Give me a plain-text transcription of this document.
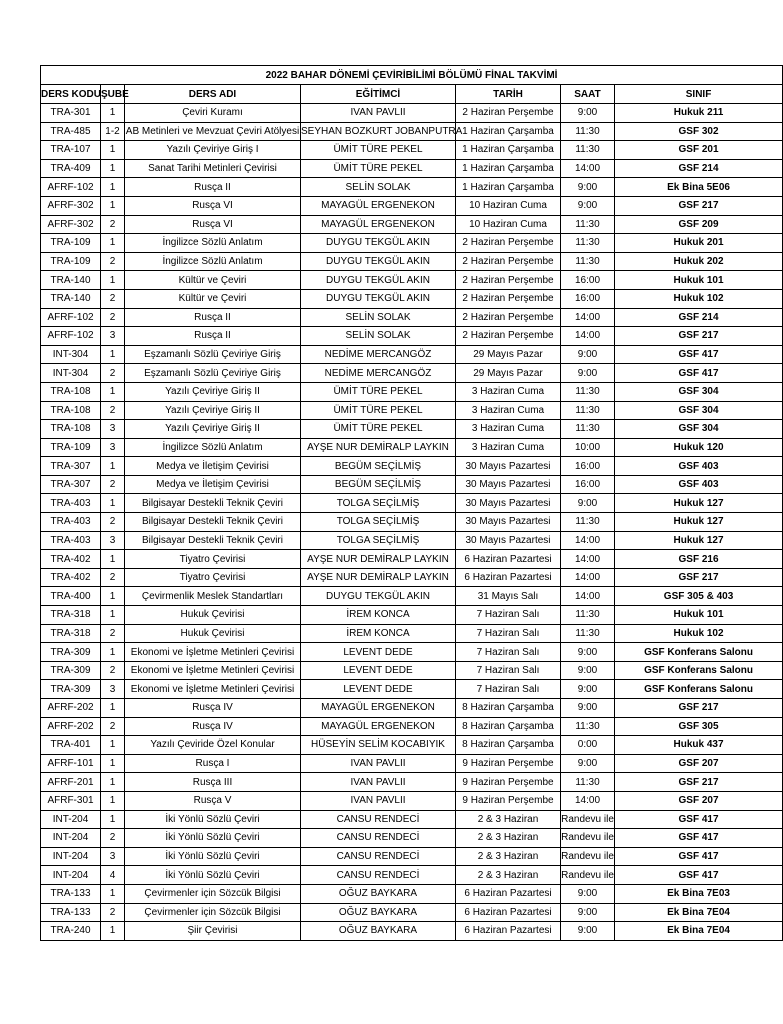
2022 BAHAR DÖNEMİ ÇEVİRİBİLİMİ BÖLÜMÜ FİNAL TAKVİMİ						
DERS KODU	ŞUBE	DERS ADI	EĞİTİMCİ	TARİH	SAAT	SINIF
TRA-301	1	Çeviri Kuramı	IVAN PAVLII	2 Haziran Perşembe	9:00	Hukuk 211
TRA-485	1-2	AB Metinleri ve Mevzuat Çeviri Atölyesi	SEYHAN BOZKURT JOBANPUTRA	1 Haziran Çarşamba	11:30	GSF 302
TRA-107	1	Yazılı Çeviriye Giriş I	ÜMİT TÜRE PEKEL	1 Haziran Çarşamba	11:30	GSF 201
TRA-409	1	Sanat Tarihi Metinleri Çevirisi	ÜMİT TÜRE PEKEL	1 Haziran Çarşamba	14:00	GSF 214
AFRF-102	1	Rusça II	SELİN SOLAK	1 Haziran Çarşamba	9:00	Ek Bina 5E06
AFRF-302	1	Rusça VI	MAYAGÜL ERGENEKON	10 Haziran Cuma	9:00	GSF 217
AFRF-302	2	Rusça VI	MAYAGÜL ERGENEKON	10 Haziran Cuma	11:30	GSF 209
TRA-109	1	İngilizce Sözlü Anlatım	DUYGU TEKGÜL AKIN	2 Haziran Perşembe	11:30	Hukuk 201
TRA-109	2	İngilizce Sözlü Anlatım	DUYGU TEKGÜL AKIN	2 Haziran Perşembe	11:30	Hukuk 202
TRA-140	1	Kültür ve Çeviri	DUYGU TEKGÜL AKIN	2 Haziran Perşembe	16:00	Hukuk 101
TRA-140	2	Kültür ve Çeviri	DUYGU TEKGÜL AKIN	2 Haziran Perşembe	16:00	Hukuk 102
AFRF-102	2	Rusça II	SELİN SOLAK	2 Haziran Perşembe	14:00	GSF 214
AFRF-102	3	Rusça II	SELİN SOLAK	2 Haziran Perşembe	14:00	GSF 217
INT-304	1	Eşzamanlı Sözlü Çeviriye Giriş	NEDİME MERCANGÖZ	29 Mayıs Pazar	9:00	GSF 417
INT-304	2	Eşzamanlı Sözlü Çeviriye Giriş	NEDİME MERCANGÖZ	29 Mayıs Pazar	9:00	GSF 417
TRA-108	1	Yazılı Çeviriye Giriş II	ÜMİT TÜRE PEKEL	3 Haziran Cuma	11:30	GSF 304
TRA-108	2	Yazılı Çeviriye Giriş II	ÜMİT TÜRE PEKEL	3 Haziran Cuma	11:30	GSF 304
TRA-108	3	Yazılı Çeviriye Giriş II	ÜMİT TÜRE PEKEL	3 Haziran Cuma	11:30	GSF 304
TRA-109	3	İngilizce Sözlü Anlatım	AYŞE NUR DEMİRALP LAYKIN	3 Haziran Cuma	10:00	Hukuk 120
TRA-307	1	Medya ve İletişim Çevirisi	BEGÜM SEÇİLMİŞ	30 Mayıs Pazartesi	16:00	GSF 403
TRA-307	2	Medya ve İletişim Çevirisi	BEGÜM SEÇİLMİŞ	30 Mayıs Pazartesi	16:00	GSF 403
TRA-403	1	Bilgisayar Destekli Teknik Çeviri	TOLGA SEÇİLMİŞ	30 Mayıs Pazartesi	9:00	Hukuk 127
TRA-403	2	Bilgisayar Destekli Teknik Çeviri	TOLGA SEÇİLMİŞ	30 Mayıs Pazartesi	11:30	Hukuk 127
TRA-403	3	Bilgisayar Destekli Teknik Çeviri	TOLGA SEÇİLMİŞ	30 Mayıs Pazartesi	14:00	Hukuk 127
TRA-402	1	Tiyatro Çevirisi	AYŞE NUR DEMİRALP LAYKIN	6 Haziran Pazartesi	14:00	GSF 216
TRA-402	2	Tiyatro Çevirisi	AYŞE NUR DEMİRALP LAYKIN	6 Haziran Pazartesi	14:00	GSF 217
TRA-400	1	Çevirmenlik Meslek Standartları	DUYGU TEKGÜL AKIN	31 Mayıs Salı	14:00	GSF 305 & 403
TRA-318	1	Hukuk Çevirisi	İREM KONCA	7 Haziran Salı	11:30	Hukuk 101
TRA-318	2	Hukuk Çevirisi	İREM KONCA	7 Haziran Salı	11:30	Hukuk 102
TRA-309	1	Ekonomi ve İşletme Metinleri Çevirisi	LEVENT DEDE	7 Haziran Salı	9:00	GSF Konferans Salonu
TRA-309	2	Ekonomi ve İşletme Metinleri Çevirisi	LEVENT DEDE	7 Haziran Salı	9:00	GSF Konferans Salonu
TRA-309	3	Ekonomi ve İşletme Metinleri Çevirisi	LEVENT DEDE	7 Haziran Salı	9:00	GSF Konferans Salonu
AFRF-202	1	Rusça IV	MAYAGÜL ERGENEKON	8 Haziran Çarşamba	9:00	GSF 217
AFRF-202	2	Rusça IV	MAYAGÜL ERGENEKON	8 Haziran Çarşamba	11:30	GSF 305
TRA-401	1	Yazılı Çeviride Özel Konular	HÜSEYİN SELİM KOCABIYIK	8 Haziran Çarşamba	0:00	Hukuk 437
AFRF-101	1	Rusça I	IVAN PAVLII	9 Haziran Perşembe	9:00	GSF 207
AFRF-201	1	Rusça III	IVAN PAVLII	9 Haziran Perşembe	11:30	GSF 217
AFRF-301	1	Rusça V	IVAN PAVLII	9 Haziran Perşembe	14:00	GSF 207
INT-204	1	İki Yönlü Sözlü Çeviri	CANSU RENDECİ	2 & 3 Haziran	Randevu ile	GSF 417
INT-204	2	İki Yönlü Sözlü Çeviri	CANSU RENDECİ	2 & 3 Haziran	Randevu ile	GSF 417
INT-204	3	İki Yönlü Sözlü Çeviri	CANSU RENDECİ	2 & 3 Haziran	Randevu ile	GSF 417
INT-204	4	İki Yönlü Sözlü Çeviri	CANSU RENDECİ	2 & 3 Haziran	Randevu ile	GSF 417
TRA-133	1	Çevirmenler için Sözcük Bilgisi	OĞUZ BAYKARA	6 Haziran Pazartesi	9:00	Ek Bina 7E03
TRA-133	2	Çevirmenler için Sözcük Bilgisi	OĞUZ BAYKARA	6 Haziran Pazartesi	9:00	Ek Bina 7E04
TRA-240	1	Şiir Çevirisi	OĞUZ BAYKARA	6 Haziran Pazartesi	9:00	Ek Bina 7E04
